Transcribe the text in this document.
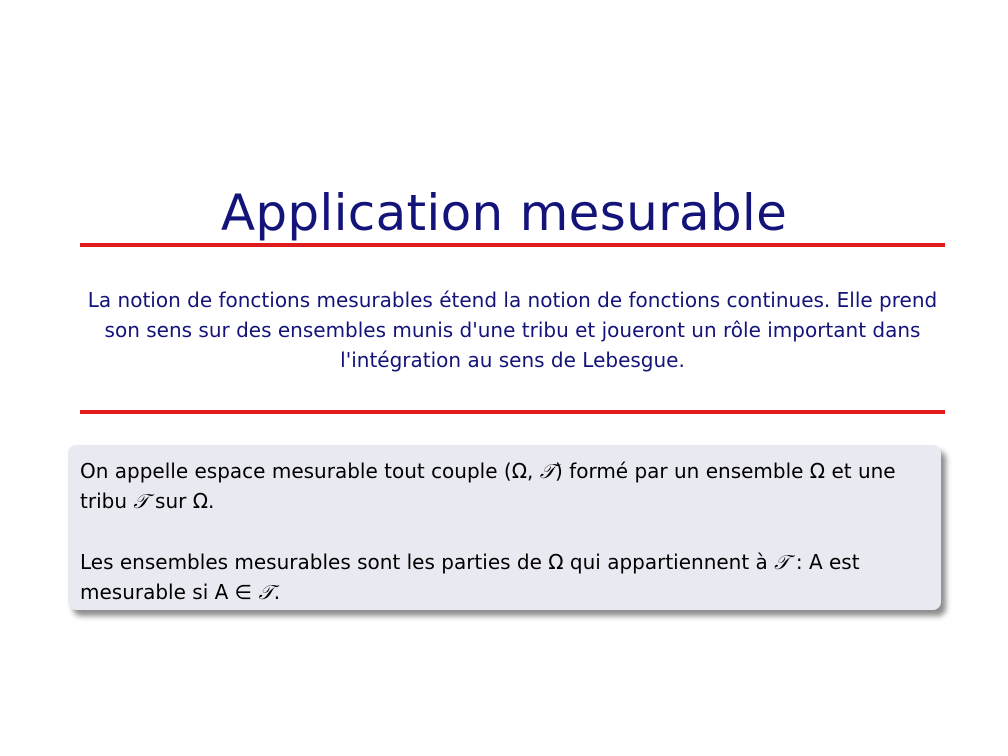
Application mesurable
La notion de fonctions mesurables étend la notion de fonctions continues. Elle prend son sens sur des ensembles munis d'une tribu et joueront un rôle important dans l'intégration au sens de Lebesgue.

On appelle espace mesurable tout couple (Ω, 𝒯) formé par un ensemble Ω et une tribu 𝒯 sur Ω.

Les ensembles mesurables sont les parties de Ω qui appartiennent à 𝒯 : A est mesurable si A ∈ 𝒯.
